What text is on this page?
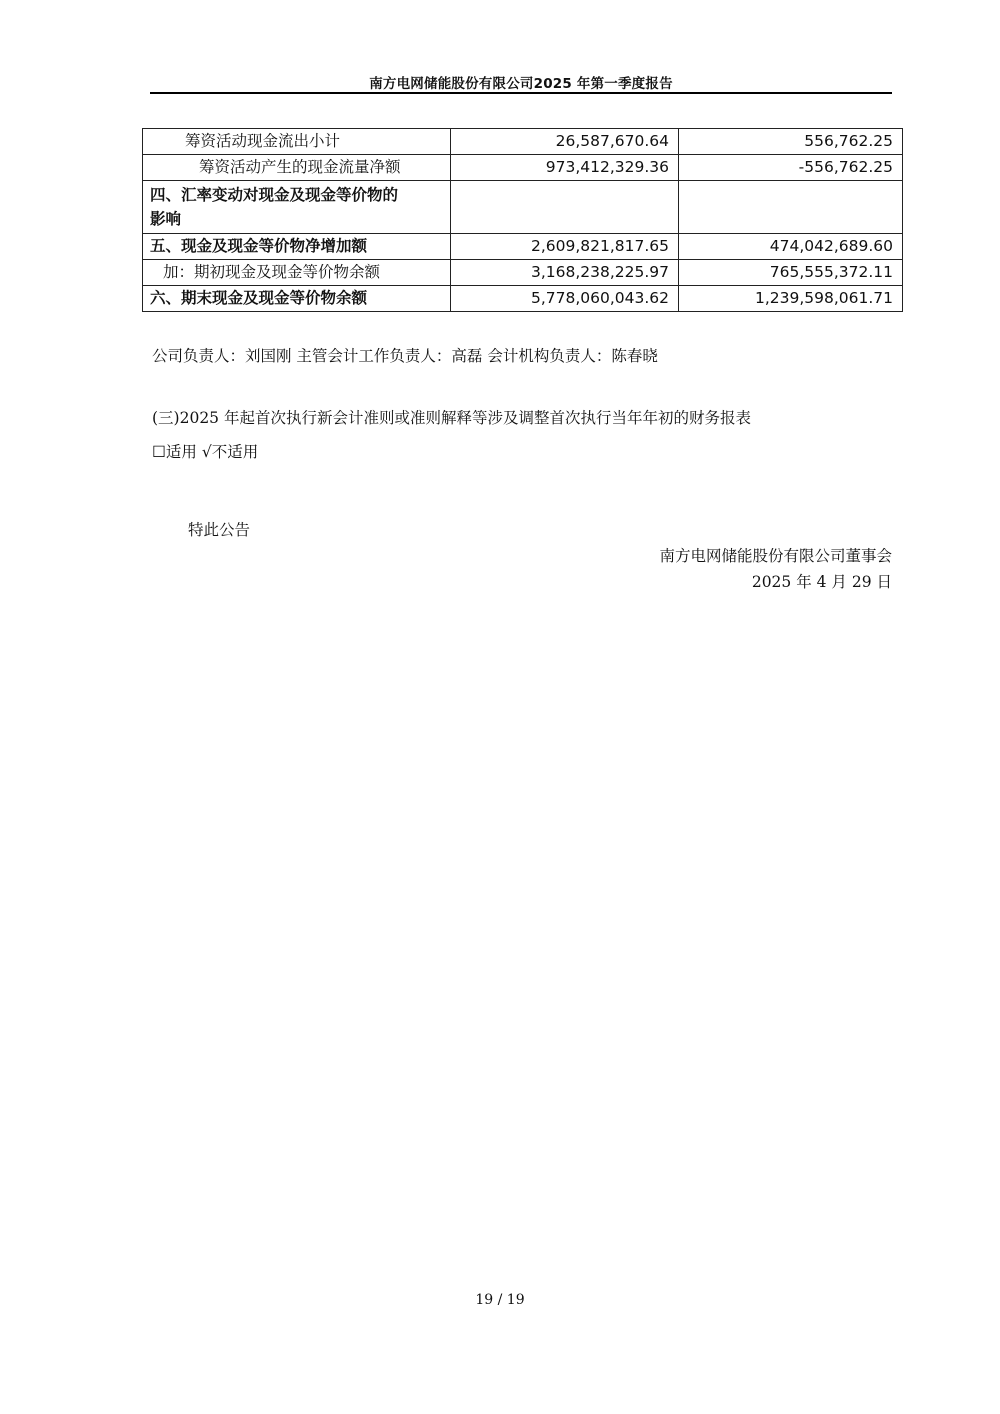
南方电网储能股份有限公司2025 年第一季度报告
筹资活动现金流出小计	26,587,670.64	556,762.25
筹资活动产生的现金流量净额	973,412,329.36	-556,762.25
四、汇率变动对现金及现金等价物的
影响		
五、现金及现金等价物净增加额	2,609,821,817.65	474,042,689.60
加：期初现金及现金等价物余额	3,168,238,225.97	765,555,372.11
六、期末现金及现金等价物余额	5,778,060,043.62	1,239,598,061.71
公司负责人：刘国刚 主管会计工作负责人：高磊 会计机构负责人：陈春晓
(三)2025 年起首次执行新会计准则或准则解释等涉及调整首次执行当年年初的财务报表
☐适用 √不适用
特此公告
南方电网储能股份有限公司董事会
2025 年 4 月 29 日
19 / 19
